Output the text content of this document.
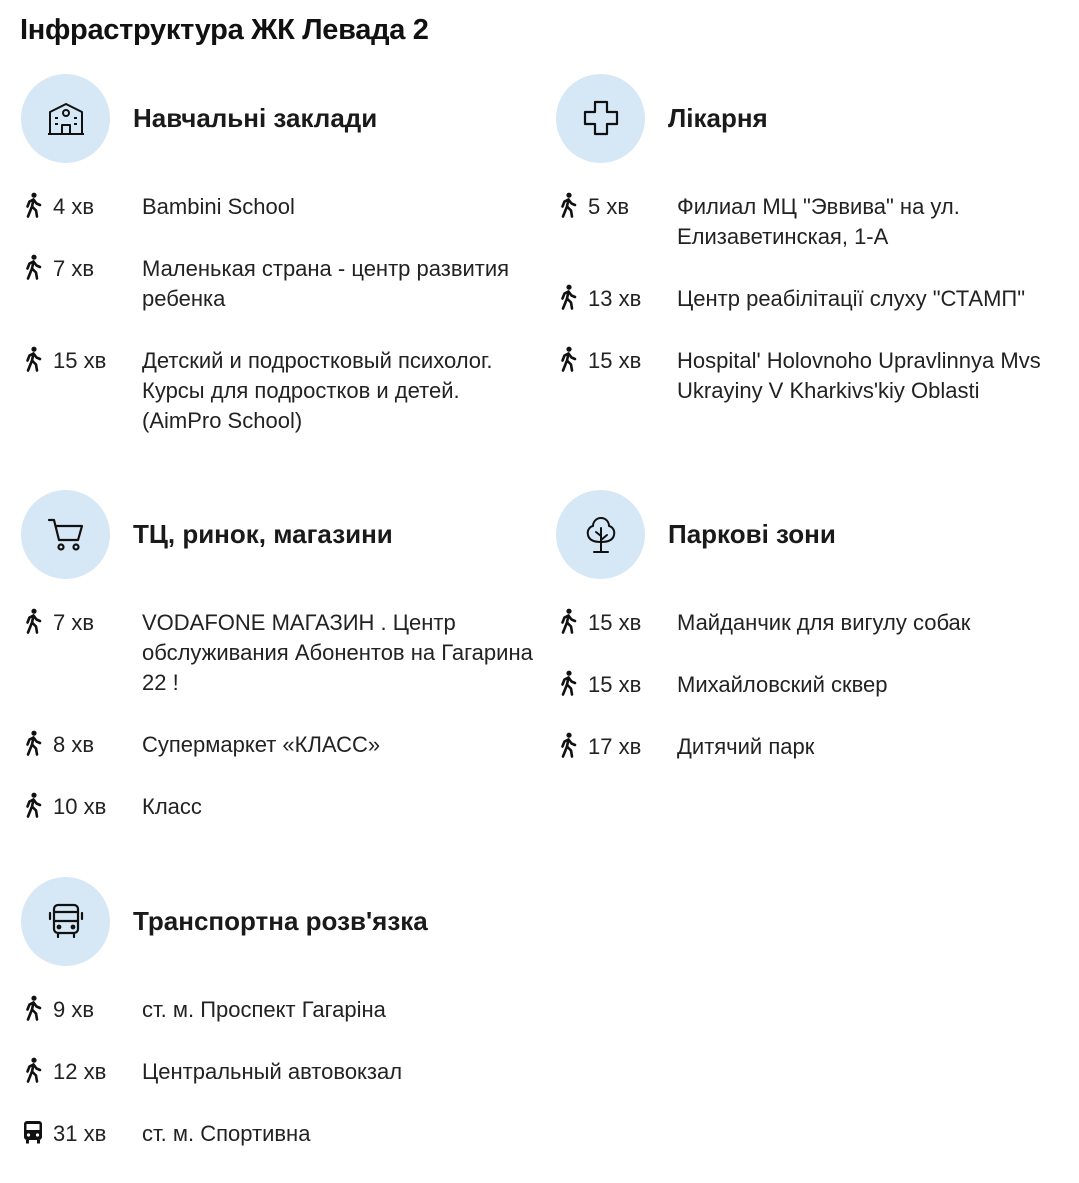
Інфраструктура ЖК Левада 2
Навчальні заклади
4 хв Bambini School
7 хв Маленькая страна - центр развития ребенка
15 хв Детский и подростковый психолог. Курсы для подростков и детей. (AimPro School)
Лікарня
5 хв Филиал МЦ "Эввива" на ул. Елизаветинская, 1-А
13 хв Центр реабілітації слуху "СТАМП"
15 хв Hospitalʹ Holovnoho Upravlinnya Mvs Ukrayiny V Kharkivsʹkiy Oblasti
ТЦ, ринок, магазини
7 хв VODAFONE МАГАЗИН . Центр обслуживания Абонентов на Гагарина 22 !
8 хв Супермаркет «КЛАСС»
10 хв Класс
Паркові зони
15 хв Майданчик для вигулу собак
15 хв Михайловский сквер
17 хв Дитячий парк
Транспортна розв'язка
9 хв ст. м. Проспект Гагаріна
12 хв Центральный автовокзал
31 хв ст. м. Спортивна
